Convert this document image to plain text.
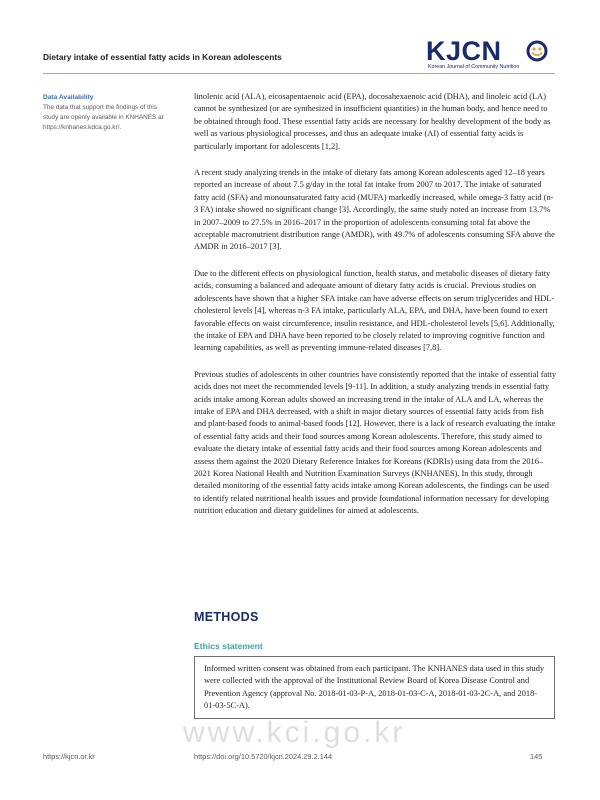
Dietary intake of essential fatty acids in Korean adolescents	KJCN
Korean Journal of Community Nutrition
Data Availability
The data that support the findings of this study are openly available in KNHANES at https://knhanes.kdca.go.kr/.

linolenic acid (ALA), eicosapentaenoic acid (EPA), docosahexaenoic acid (DHA), and linoleic acid (LA) cannot be synthesized (or are synthesized in insufficient quantities) in the human body, and hence need to be obtained through food. These essential fatty acids are necessary for healthy development of the body as well as various physiological processes, and thus an adequate intake (AI) of essential fatty acids is particularly important for adolescents [1,2].

A recent study analyzing trends in the intake of dietary fats among Korean adolescents aged 12–18 years reported an increase of about 7.5 g/day in the total fat intake from 2007 to 2017. The intake of saturated fatty acid (SFA) and monounsaturated fatty acid (MUFA) markedly increased, while omega-3 fatty acid (n-3 FA) intake showed no significant change [3]. Accordingly, the same study noted an increase from 13.7% in 2007–2009 to 27.5% in 2016–2017 in the proportion of adolescents consuming total fat above the acceptable macronutrient distribution range (AMDR), with 49.7% of adolescents consuming SFA above the AMDR in 2016–2017 [3].

Due to the different effects on physiological function, health status, and metabolic diseases of dietary fatty acids, consuming a balanced and adequate amount of dietary fatty acids is crucial. Previous studies on adolescents have shown that a higher SFA intake can have adverse effects on serum triglycerides and HDL-cholesterol levels [4], whereas n-3 FA intake, particularly ALA, EPA, and DHA, have been found to exert favorable effects on waist circumference, insulin resistance, and HDL-cholesterol levels [5,6]. Additionally, the intake of EPA and DHA have been reported to be closely related to improving cognitive function and learning capabilities, as well as preventing immune-related diseases [7,8].

Previous studies of adolescents in other countries have consistently reported that the intake of essential fatty acids does not meet the recommended levels [9-11]. In addition, a study analyzing trends in essential fatty acids intake among Korean adults showed an increasing trend in the intake of ALA and LA, whereas the intake of EPA and DHA decreased, with a shift in major dietary sources of essential fatty acids from fish and plant-based foods to animal-based foods [12]. However, there is a lack of research evaluating the intake of essential fatty acids and their food sources among Korean adolescents. Therefore, this study aimed to evaluate the dietary intake of essential fatty acids and their food sources among Korean adolescents and assess them against the 2020 Dietary Reference Intakes for Koreans (KDRIs) using data from the 2016–2021 Korea National Health and Nutrition Examination Surveys (KNHANES). In this study, through detailed monitoring of the essential fatty acids intake among Korean adolescents, the findings can be used to identify related nutritional health issues and provide foundational information necessary for developing nutrition education and dietary guidelines for aimed at adolescents.

METHODS
Ethics statement
Informed written consent was obtained from each participant. The KNHANES data used in this study were collected with the approval of the Institutional Review Board of Korea Disease Control and Prevention Agency (approval No. 2018-01-03-P-A, 2018-01-03-C-A, 2018-01-03-2C-A, and 2018-01-03-5C-A).
www.kci.go.kr
https://kjcn.or.kr	https://doi.org/10.5720/kjcn.2024.29.2.144	145
